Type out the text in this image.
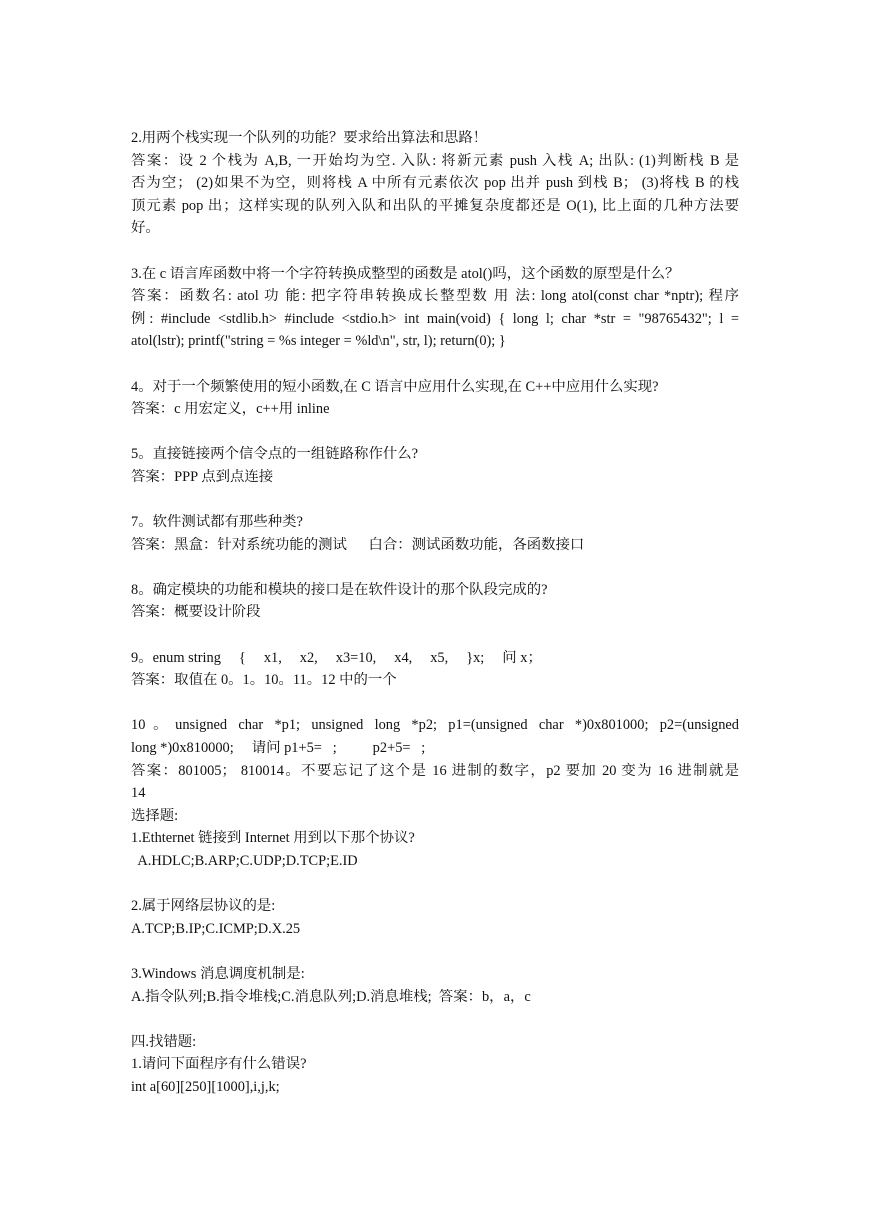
2.用两个栈实现一个队列的功能？要求给出算法和思路！
答案：设 2 个栈为 A,B, 一开始均为空. 入队: 将新元素 push 入栈 A; 出队: (1)判断栈 B 是
否为空； (2)如果不为空，则将栈 A 中所有元素依次 pop 出并 push 到栈 B； (3)将栈 B 的栈
顶元素 pop 出；这样实现的队列入队和出队的平摊复杂度都还是 O(1), 比上面的几种方法要
好。
3.在 c 语言库函数中将一个字符转换成整型的函数是 atol()吗，这个函数的原型是什么？
答案：函数名: atol 功 能: 把字符串转换成长整型数 用 法: long atol(const char *nptr); 程序
例: #include <stdlib.h> #include <stdio.h> int main(void) { long l; char *str = "98765432"; l =
atol(lstr); printf("string = %s integer = %ld\n", str, l); return(0); }
4。对于一个频繁使用的短小函数,在 C 语言中应用什么实现,在 C++中应用什么实现?
答案：c 用宏定义，c++用 inline
5。直接链接两个信令点的一组链路称作什么?
答案：PPP 点到点连接
7。软件测试都有那些种类?
答案：黑盒：针对系统功能的测试      白合：测试函数功能，各函数接口
8。确定模块的功能和模块的接口是在软件设计的那个队段完成的?
答案：概要设计阶段
9。enum string     {     x1,     x2,     x3=10,     x4,     x5,     }x;     问 x；
答案：取值在 0。1。10。11。12 中的一个
10。unsigned char *p1; unsigned long *p2; p1=(unsigned char *)0x801000; p2=(unsigned
long *)0x810000;     请问 p1+5=   ;          p2+5=   ;
答案：801005； 810014。不要忘记了这个是 16 进制的数字，p2 要加 20 变为 16 进制就是
14
选择题:
1.Ethternet 链接到 Internet 用到以下那个协议?
A.HDLC;B.ARP;C.UDP;D.TCP;E.ID
2.属于网络层协议的是:
A.TCP;B.IP;C.ICMP;D.X.25
3.Windows 消息调度机制是:
A.指令队列;B.指令堆栈;C.消息队列;D.消息堆栈;  答案：b，a，c
四.找错题:
1.请问下面程序有什么错误?
int a[60][250][1000],i,j,k;
